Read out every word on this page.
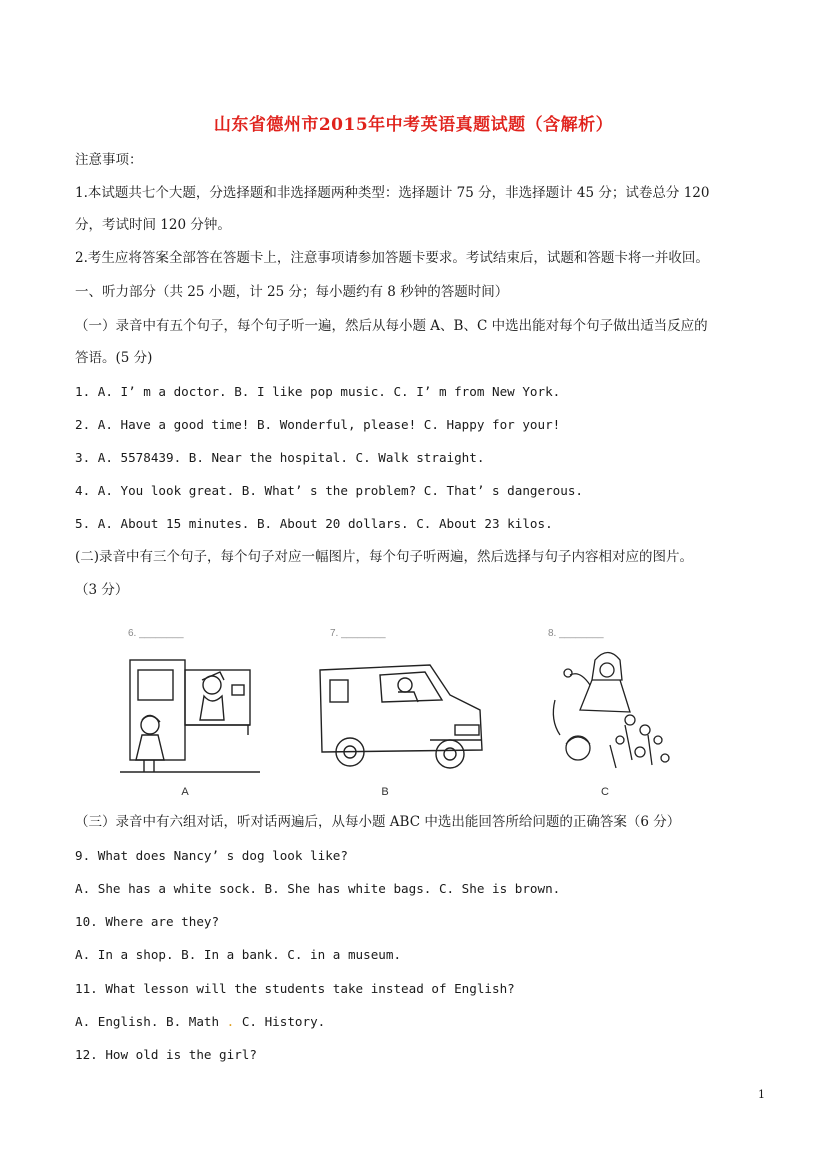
山东省德州市2015年中考英语真题试题（含解析）
注意事项：
1.本试题共七个大题，分选择题和非选择题两种类型：选择题计 75 分，非选择题计 45 分；试卷总分 120
分，考试时间 120 分钟。
2.考生应将答案全部答在答题卡上，注意事项请参加答题卡要求。考试结束后，试题和答题卡将一并收回。
一、听力部分（共 25 小题，计 25 分；每小题约有 8 秒钟的答题时间）
（一）录音中有五个句子，每个句子听一遍，然后从每小题 A、B、C 中选出能对每个句子做出适当反应的
答语。(5 分)
1. A. I’ m a doctor. B. I like pop music. C. I’ m from New York.
2. A. Have a good time! B. Wonderful, please! C. Happy for your!
3. A. 5578439. B. Near the hospital. C. Walk straight.
4. A. You look great. B. What’ s the problem? C. That’ s dangerous.
5. A. About 15 minutes. B. About 20 dollars. C. About 23 kilos.
(二)录音中有三个句子，每个句子对应一幅图片，每个句子听两遍，然后选择与句子内容相对应的图片。
（3 分）
6. ________
A	B
8. ________
C
7. ________
（三）录音中有六组对话，听对话两遍后，从每小题 ABC 中选出能回答所给问题的正确答案（6 分）
9. What does Nancy’ s dog look like?
A. She has a white sock. B. She has white bags. C. She is brown.
10. Where are they?
A. In a shop. B. In a bank. C. in a museum.
11. What lesson will the students take instead of English?
A. English. B. Math . C. History.
12. How old is the girl?
1
